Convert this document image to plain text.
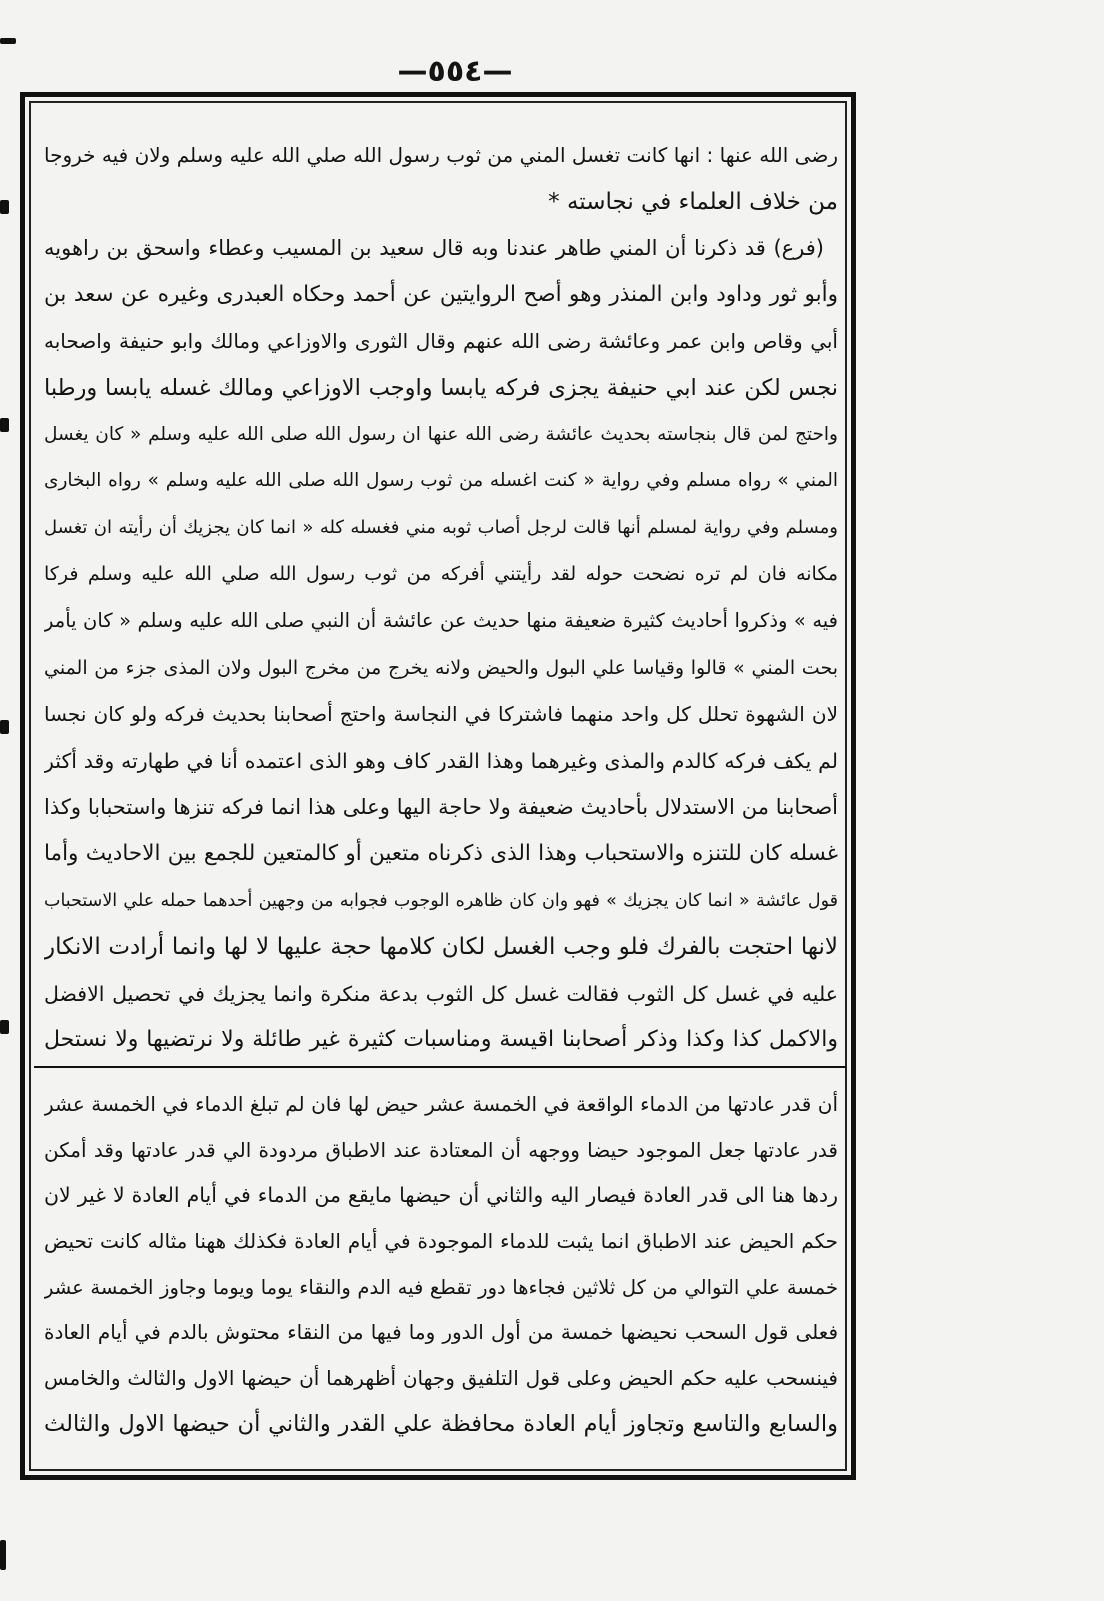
—٥٥٤—
رضى الله عنها : انها كانت تغسل المني من ثوب رسول الله صلي الله عليه وسلم ولان فيه خروجا
من خلاف العلماء في نجاسته *
(فرع) قد ذكرنا أن المني طاهر عندنا وبه قال سعيد بن المسيب وعطاء واسحق بن راهويه
وأبو ثور وداود وابن المنذر وهو أصح الروايتين عن أحمد وحكاه العبدرى وغيره عن سعد بن
أبي وقاص وابن عمر وعائشة رضى الله عنهم وقال الثورى والاوزاعي ومالك وابو حنيفة واصحابه
نجس لكن عند ابي حنيفة يجزى فركه يابسا واوجب الاوزاعي ومالك غسله يابسا ورطبا
واحتج لمن قال بنجاسته بحديث عائشة رضى الله عنها ان رسول الله صلى الله عليه وسلم « كان يغسل
المني » رواه مسلم وفي رواية « كنت اغسله من ثوب رسول الله صلى الله عليه وسلم » رواه البخارى
ومسلم وفي رواية لمسلم أنها قالت لرجل أصاب ثوبه مني فغسله كله « انما كان يجزيك أن رأيته ان تغسل
مكانه فان لم تره نضحت حوله لقد رأيتني أفركه من ثوب رسول الله صلي الله عليه وسلم فركا
فيه » وذكروا أحاديث كثيرة ضعيفة منها حديث عن عائشة أن النبي صلى الله عليه وسلم « كان يأمر
بحت المني » قالوا وقياسا علي البول والحيض ولانه يخرج من مخرج البول ولان المذى جزء من المني
لان الشهوة تحلل كل واحد منهما فاشتركا في النجاسة واحتج أصحابنا بحديث فركه ولو كان نجسا
لم يكف فركه كالدم والمذى وغيرهما وهذا القدر كاف وهو الذى اعتمده أنا في طهارته وقد أكثر
أصحابنا من الاستدلال بأحاديث ضعيفة ولا حاجة اليها وعلى هذا انما فركه تنزها واستحبابا وكذا
غسله كان للتنزه والاستحباب وهذا الذى ذكرناه متعين أو كالمتعين للجمع بين الاحاديث وأما
قول عائشة « انما كان يجزيك » فهو وان كان ظاهره الوجوب فجوابه من وجهين أحدهما حمله علي الاستحباب
لانها احتجت بالفرك فلو وجب الغسل لكان كلامها حجة عليها لا لها وانما أرادت الانكار
عليه في غسل كل الثوب فقالت غسل كل الثوب بدعة منكرة وانما يجزيك في تحصيل الافضل
والاكمل كذا وكذا وذكر أصحابنا اقيسة ومناسبات كثيرة غير طائلة ولا نرتضيها ولا نستحل
أن قدر عادتها من الدماء الواقعة في الخمسة عشر حيض لها فان لم تبلغ الدماء في الخمسة عشر
قدر عادتها جعل الموجود حيضا ووجهه أن المعتادة عند الاطباق مردودة الي قدر عادتها وقد أمكن
ردها هنا الى قدر العادة فيصار اليه والثاني أن حيضها مايقع من الدماء في أيام العادة لا غير لان
حكم الحيض عند الاطباق انما يثبت للدماء الموجودة في أيام العادة فكذلك ههنا مثاله كانت تحيض
خمسة علي التوالي من كل ثلاثين فجاءها دور تقطع فيه الدم والنقاء يوما ويوما وجاوز الخمسة عشر
فعلى قول السحب نحيضها خمسة من أول الدور وما فيها من النقاء محتوش بالدم في أيام العادة
فينسحب عليه حكم الحيض وعلى قول التلفيق وجهان أظهرهما أن حيضها الاول والثالث والخامس
والسابع والتاسع وتجاوز أيام العادة محافظة علي القدر والثاني أن حيضها الاول والثالث
